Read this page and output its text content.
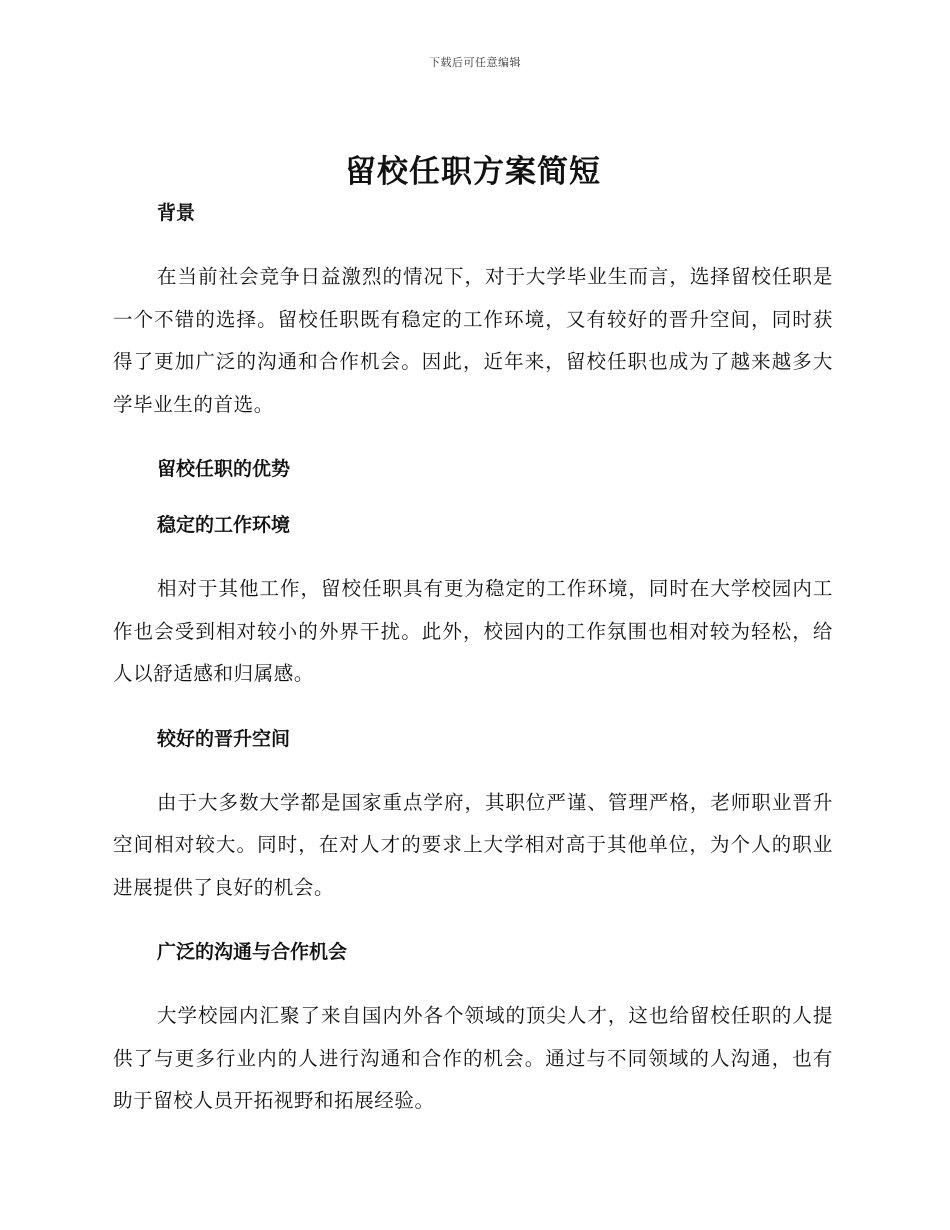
下载后可任意编辑
留校任职方案简短
背景

在当前社会竞争日益激烈的情况下，对于大学毕业生而言，选择留校任职是一个不错的选择。留校任职既有稳定的工作环境，又有较好的晋升空间，同时获得了更加广泛的沟通和合作机会。因此，近年来，留校任职也成为了越来越多大学毕业生的首选。

留校任职的优势
稳定的工作环境

相对于其他工作，留校任职具有更为稳定的工作环境，同时在大学校园内工作也会受到相对较小的外界干扰。此外，校园内的工作氛围也相对较为轻松，给人以舒适感和归属感。

较好的晋升空间

由于大多数大学都是国家重点学府，其职位严谨、管理严格，老师职业晋升空间相对较大。同时，在对人才的要求上大学相对高于其他单位，为个人的职业进展提供了良好的机会。

广泛的沟通与合作机会

大学校园内汇聚了来自国内外各个领域的顶尖人才，这也给留校任职的人提供了与更多行业内的人进行沟通和合作的机会。通过与不同领域的人沟通，也有助于留校人员开拓视野和拓展经验。
